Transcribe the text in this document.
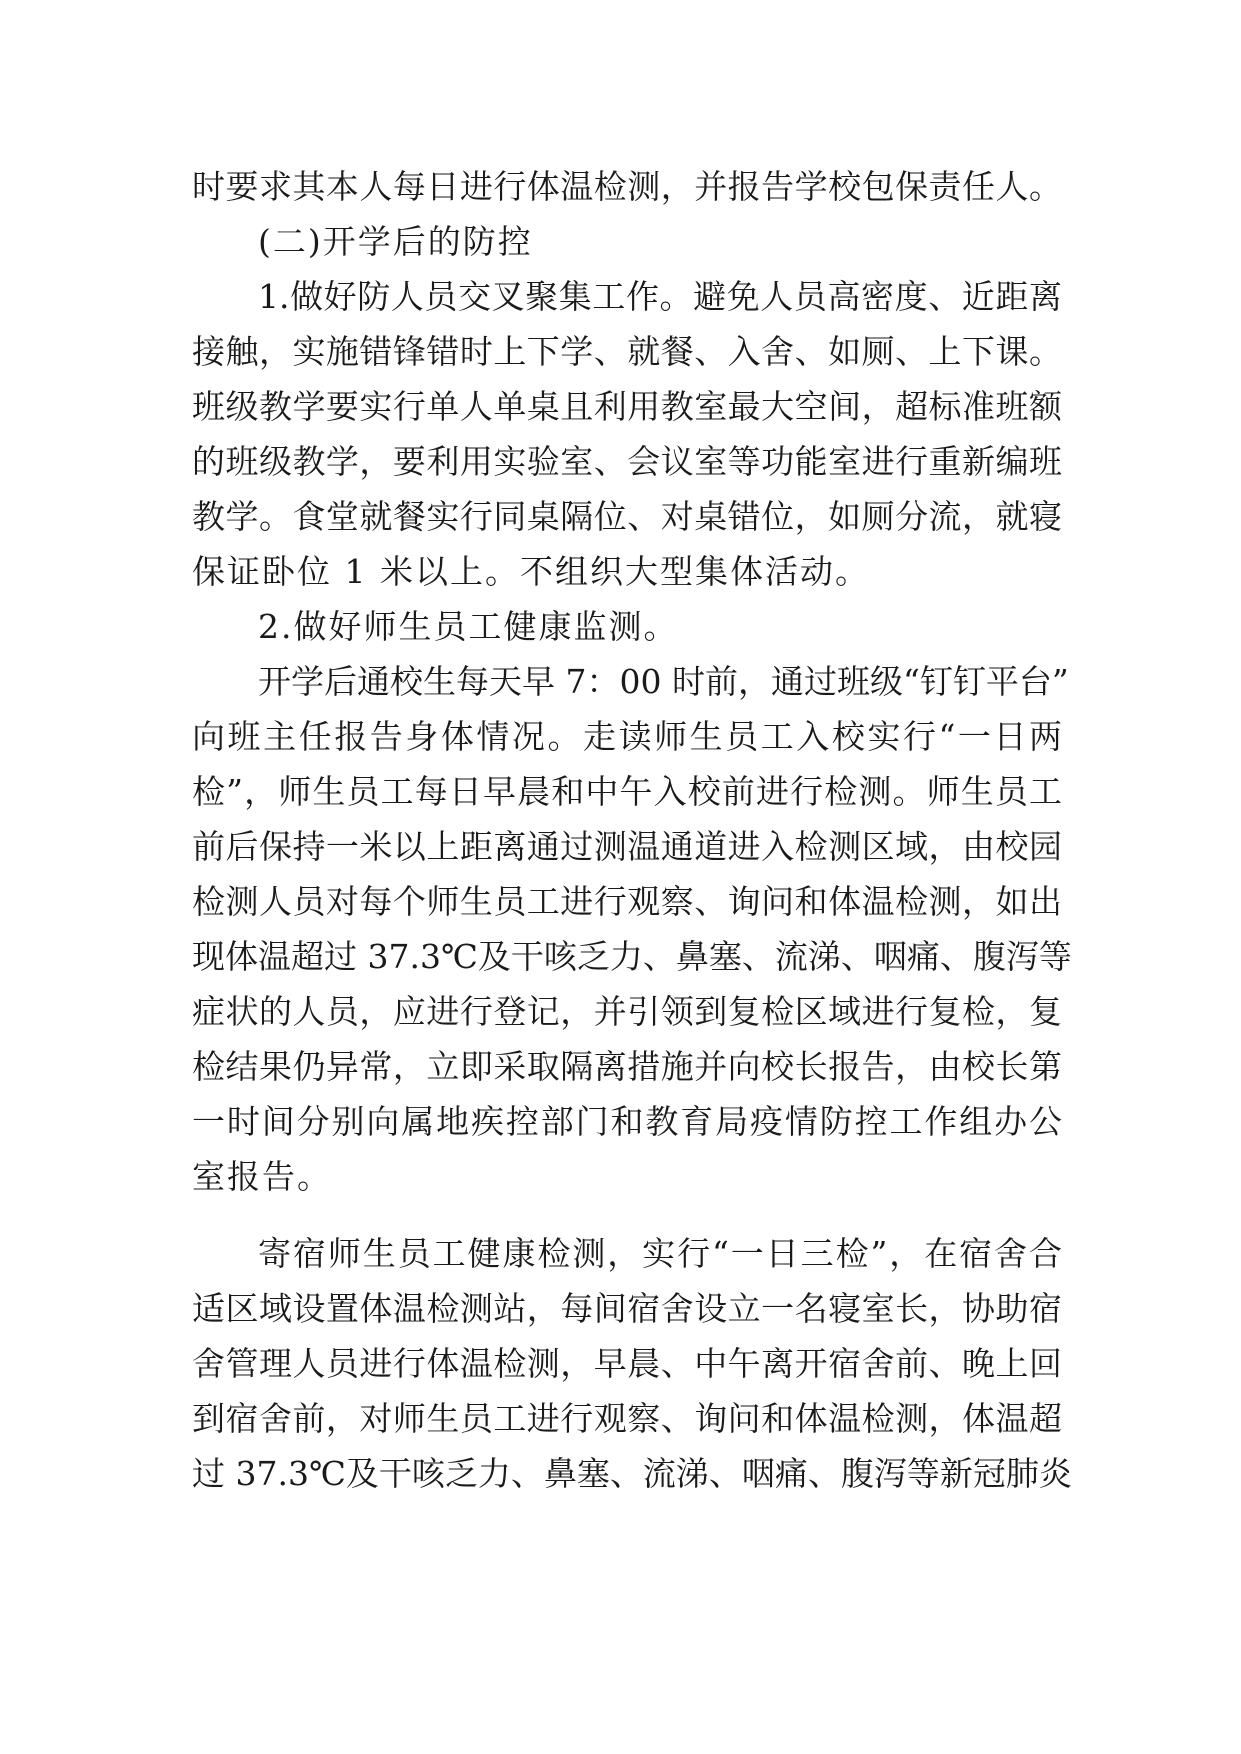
时要求其本人每日进行体温检测，并报告学校包保责任人。
(二)开学后的防控
1.做好防人员交叉聚集工作。避免人员高密度、近距离
接触，实施错锋错时上下学、就餐、入舍、如厕、上下课。
班级教学要实行单人单桌且利用教室最大空间，超标准班额
的班级教学，要利用实验室、会议室等功能室进行重新编班
教学。食堂就餐实行同桌隔位、对桌错位，如厕分流，就寝
保证卧位 1 米以上。不组织大型集体活动。
2.做好师生员工健康监测。
开学后通校生每天早 7：00 时前，通过班级“钉钉平台”
向班主任报告身体情况。走读师生员工入校实行“一日两
检”，师生员工每日早晨和中午入校前进行检测。师生员工
前后保持一米以上距离通过测温通道进入检测区域，由校园
检测人员对每个师生员工进行观察、询问和体温检测，如出
现体温超过 37.3℃及干咳乏力、鼻塞、流涕、咽痛、腹泻等
症状的人员，应进行登记，并引领到复检区域进行复检，复
检结果仍异常，立即采取隔离措施并向校长报告，由校长第
一时间分别向属地疾控部门和教育局疫情防控工作组办公
室报告。
寄宿师生员工健康检测，实行“一日三检”，在宿舍合
适区域设置体温检测站，每间宿舍设立一名寝室长，协助宿
舍管理人员进行体温检测，早晨、中午离开宿舍前、晚上回
到宿舍前，对师生员工进行观察、询问和体温检测，体温超
过 37.3℃及干咳乏力、鼻塞、流涕、咽痛、腹泻等新冠肺炎
